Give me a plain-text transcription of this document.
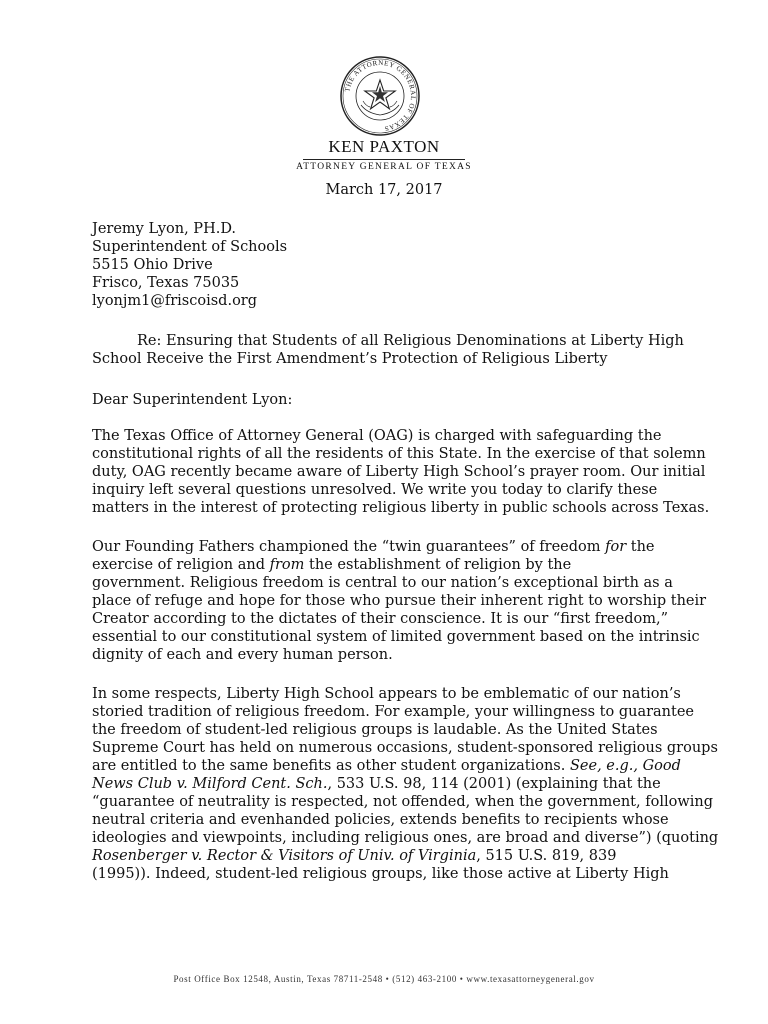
THE ATTORNEY GENERAL OF TEXAS
KEN PAXTON
ATTORNEY GENERAL OF TEXAS
March 17, 2017
Jeremy Lyon, PH.D.
Superintendent of Schools
5515 Ohio Drive
Frisco, Texas 75035
lyonjm1@friscoisd.org
Re: Ensuring that Students of all Religious Denominations at Liberty High
School Receive the First Amendment’s Protection of Religious Liberty
Dear Superintendent Lyon:
The Texas Office of Attorney General (OAG) is charged with safeguarding the
constitutional rights of all the residents of this State. In the exercise of that solemn
duty, OAG recently became aware of Liberty High School’s prayer room. Our initial
inquiry left several questions unresolved. We write you today to clarify these
matters in the interest of protecting religious liberty in public schools across Texas.
Our Founding Fathers championed the “twin guarantees” of freedom for the
exercise of religion and from the establishment of religion by the
government. Religious freedom is central to our nation’s exceptional birth as a
place of refuge and hope for those who pursue their inherent right to worship their
Creator according to the dictates of their conscience. It is our “first freedom,”
essential to our constitutional system of limited government based on the intrinsic
dignity of each and every human person.
In some respects, Liberty High School appears to be emblematic of our nation’s
storied tradition of religious freedom. For example, your willingness to guarantee
the freedom of student-led religious groups is laudable. As the United States
Supreme Court has held on numerous occasions, student-sponsored religious groups
are entitled to the same benefits as other student organizations. See, e.g., Good
News Club v. Milford Cent. Sch., 533 U.S. 98, 114 (2001) (explaining that the
“guarantee of neutrality is respected, not offended, when the government, following
neutral criteria and evenhanded policies, extends benefits to recipients whose
ideologies and viewpoints, including religious ones, are broad and diverse”) (quoting
Rosenberger v. Rector & Visitors of Univ. of Virginia, 515 U.S. 819, 839
(1995)). Indeed, student-led religious groups, like those active at Liberty High
Post Office Box 12548, Austin, Texas 78711-2548 • (512) 463-2100 • www.texasattorneygeneral.gov
